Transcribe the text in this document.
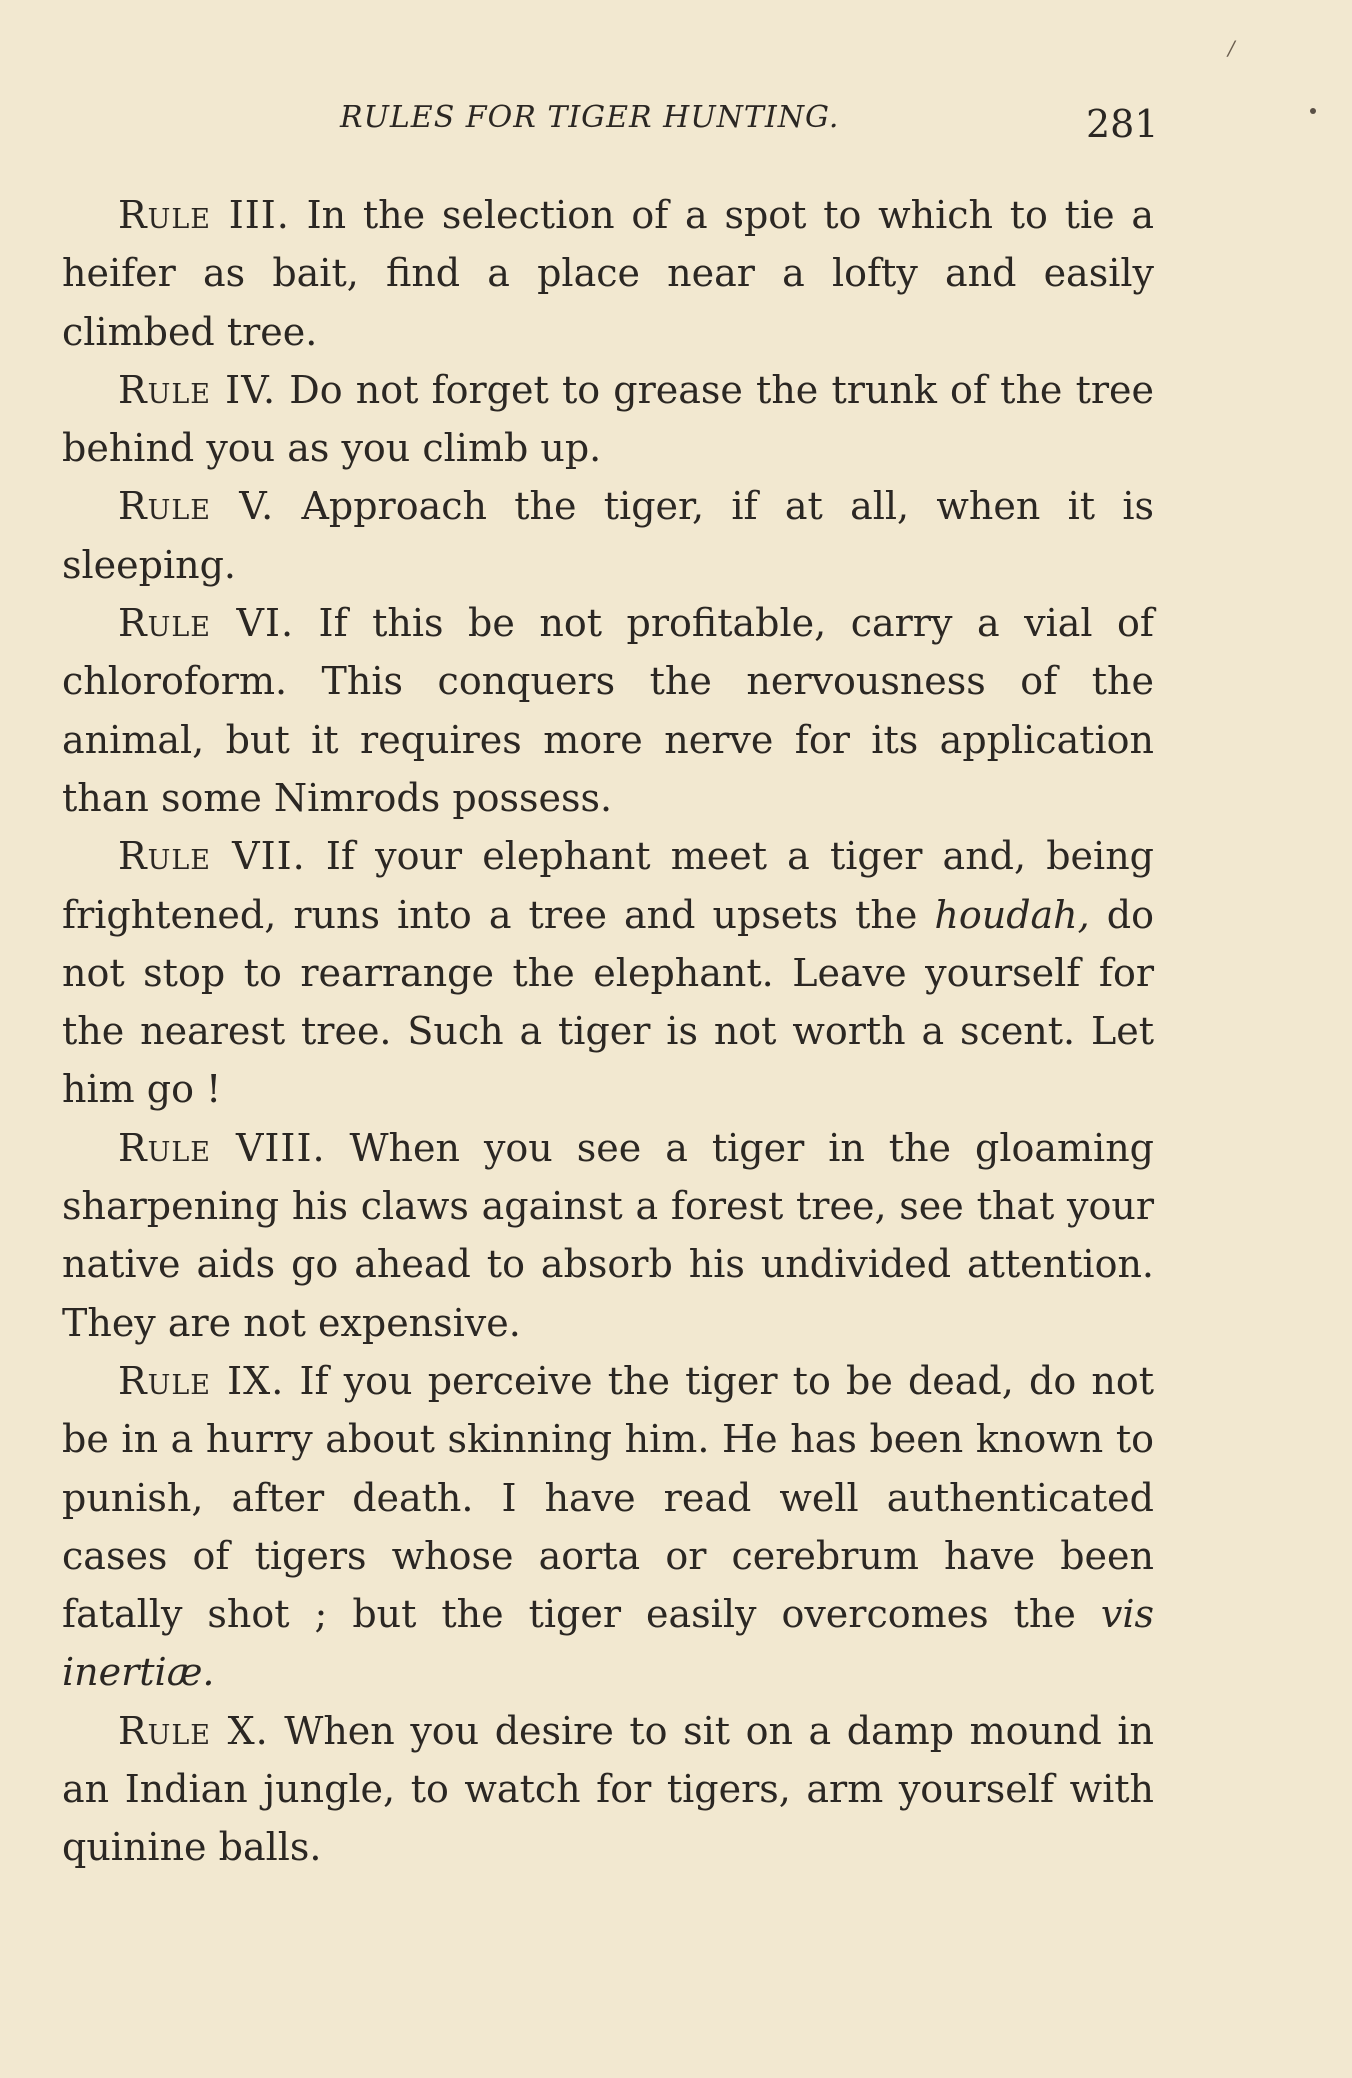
RULES FOR TIGER HUNTING.	281
/

Rule III. In the selection of a spot to which to tie a heifer as bait, find a place near a lofty and easily climbed tree.

Rule IV. Do not forget to grease the trunk of the tree behind you as you climb up.

Rule V. Approach the tiger, if at all, when it is sleeping.

Rule VI. If this be not profitable, carry a vial of chloroform. This conquers the nervousness of the animal, but it requires more nerve for its application than some Nimrods possess.

Rule VII. If your elephant meet a tiger and, being frightened, runs into a tree and upsets the houdah, do not stop to rearrange the elephant. Leave yourself for the nearest tree. Such a tiger is not worth a scent. Let him go !

Rule VIII. When you see a tiger in the gloaming sharpening his claws against a forest tree, see that your native aids go ahead to absorb his undivided attention. They are not expensive.

Rule IX. If you perceive the tiger to be dead, do not be in a hurry about skinning him. He has been known to punish, after death. I have read well authenticated cases of tigers whose aorta or cerebrum have been fatally shot ; but the tiger easily overcomes the vis inertiæ.

Rule X. When you desire to sit on a damp mound in an Indian jungle, to watch for tigers, arm yourself with quinine balls.
